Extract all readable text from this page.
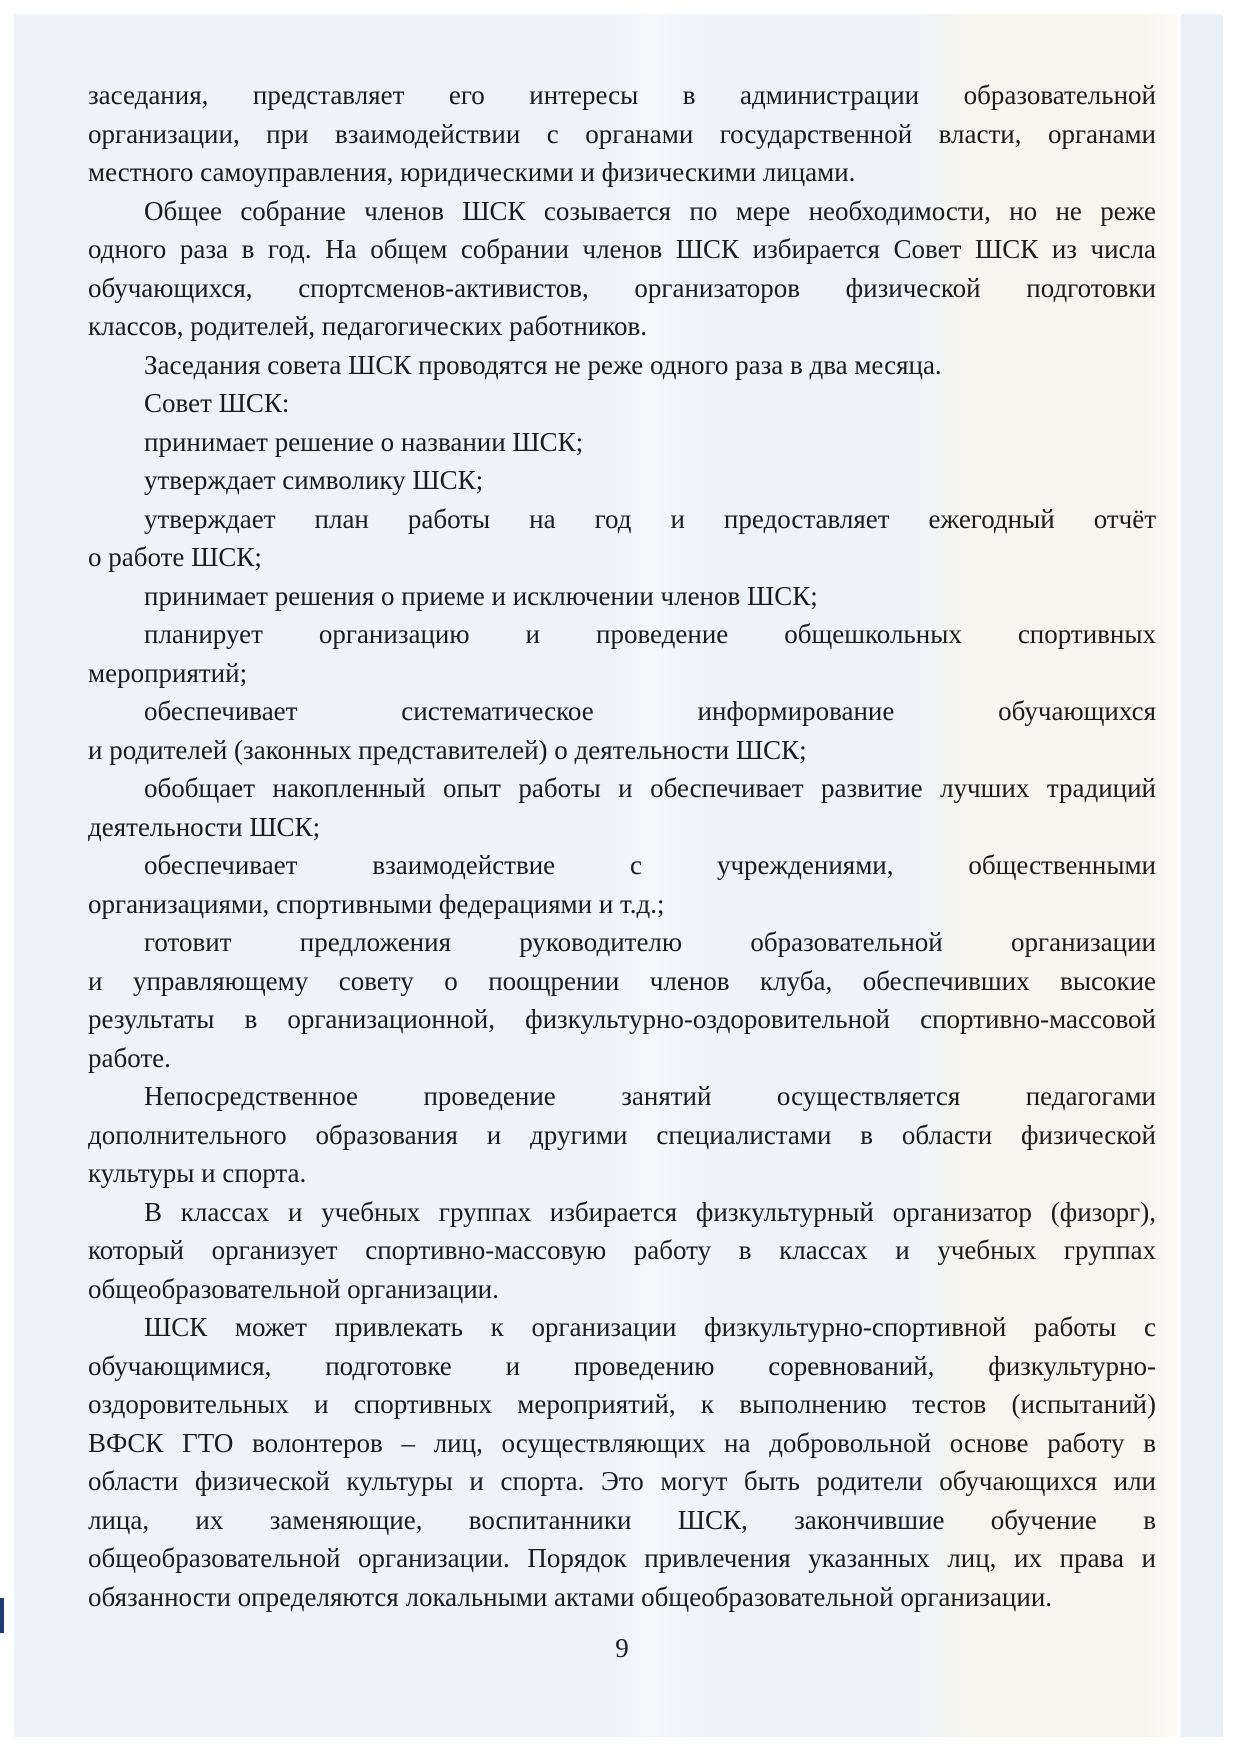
заседания, представляет его интересы в администрации образовательной
организации, при взаимодействии с органами государственной власти, органами
местного самоуправления, юридическими и физическими лицами.
Общее собрание членов ШСК созывается по мере необходимости, но не реже
одного раза в год. На общем собрании членов ШСК избирается Совет ШСК из числа
обучающихся, спортсменов-активистов, организаторов физической подготовки
классов, родителей, педагогических работников.
Заседания совета ШСК проводятся не реже одного раза в два месяца.
Совет ШСК:
принимает решение о названии ШСК;
утверждает символику ШСК;
утверждает план работы на год и предоставляет ежегодный отчёт
о работе ШСК;
принимает решения о приеме и исключении членов ШСК;
планирует организацию и проведение общешкольных спортивных
мероприятий;
обеспечивает систематическое информирование обучающихся
и родителей (законных представителей) о деятельности ШСК;
обобщает накопленный опыт работы и обеспечивает развитие лучших традиций
деятельности ШСК;
обеспечивает взаимодействие с учреждениями, общественными
организациями, спортивными федерациями и т.д.;
готовит предложения руководителю образовательной организации
и управляющему совету о поощрении членов клуба, обеспечивших высокие
результаты в организационной, физкультурно-оздоровительной спортивно-массовой
работе.
Непосредственное проведение занятий осуществляется педагогами
дополнительного образования и другими специалистами в области физической
культуры и спорта.
В классах и учебных группах избирается физкультурный организатор (физорг),
который организует спортивно-массовую работу в классах и учебных группах
общеобразовательной организации.
ШСК может привлекать к организации физкультурно-спортивной работы с
обучающимися, подготовке и проведению соревнований, физкультурно-
оздоровительных и спортивных мероприятий, к выполнению тестов (испытаний)
ВФСК ГТО волонтеров – лиц, осуществляющих на добровольной основе работу в
области физической культуры и спорта. Это могут быть родители обучающихся или
лица, их заменяющие, воспитанники ШСК, закончившие обучение в
общеобразовательной организации. Порядок привлечения указанных лиц, их права и
обязанности определяются локальными актами общеобразовательной организации.
9
